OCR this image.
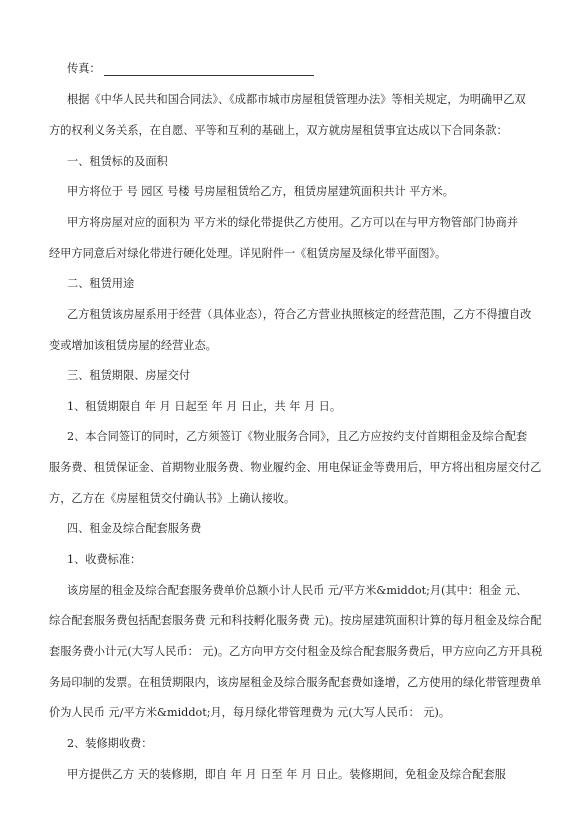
传真：
根据《中华人民共和国合同法》、《成都市城市房屋租赁管理办法》等相关规定，为明确甲乙双
方的权利义务关系，在自愿、平等和互利的基础上，双方就房屋租赁事宜达成以下合同条款：
一、租赁标的及面积
甲方将位于 号 园区 号楼 号房屋租赁给乙方，租赁房屋建筑面积共计 平方米。
甲方将房屋对应的面积为 平方米的绿化带提供乙方使用。乙方可以在与甲方物管部门协商并
经甲方同意后对绿化带进行硬化处理。详见附件一《租赁房屋及绿化带平面图》。
二、租赁用途
乙方租赁该房屋系用于经营（具体业态），符合乙方营业执照核定的经营范围，乙方不得擅自改
变或增加该租赁房屋的经营业态。
三、租赁期限、房屋交付
1、租赁期限自 年 月 日起至 年 月 日止，共 年 月 日。
2、本合同签订的同时，乙方须签订《物业服务合同》，且乙方应按约支付首期租金及综合配套
服务费、租赁保证金、首期物业服务费、物业履约金、用电保证金等费用后，甲方将出租房屋交付乙
方，乙方在《房屋租赁交付确认书》上确认接收。
四、租金及综合配套服务费
1、收费标准：
该房屋的租金及综合配套服务费单价总额小计人民币 元/平方米&middot;月(其中：租金 元、
综合配套服务费包括配套服务费 元和科技孵化服务费 元)。按房屋建筑面积计算的每月租金及综合配
套服务费小计元(大写人民币： 元)。乙方向甲方交付租金及综合配套服务费后，甲方应向乙方开具税
务局印制的发票。在租赁期限内，该房屋租金及综合服务配套费如逢增，乙方使用的绿化带管理费单
价为人民币 元/平方米&middot;月，每月绿化带管理费为 元(大写人民币： 元)。
2、装修期收费：
甲方提供乙方 天的装修期，即自 年 月 日至 年 月 日止。装修期间，免租金及综合配套服
